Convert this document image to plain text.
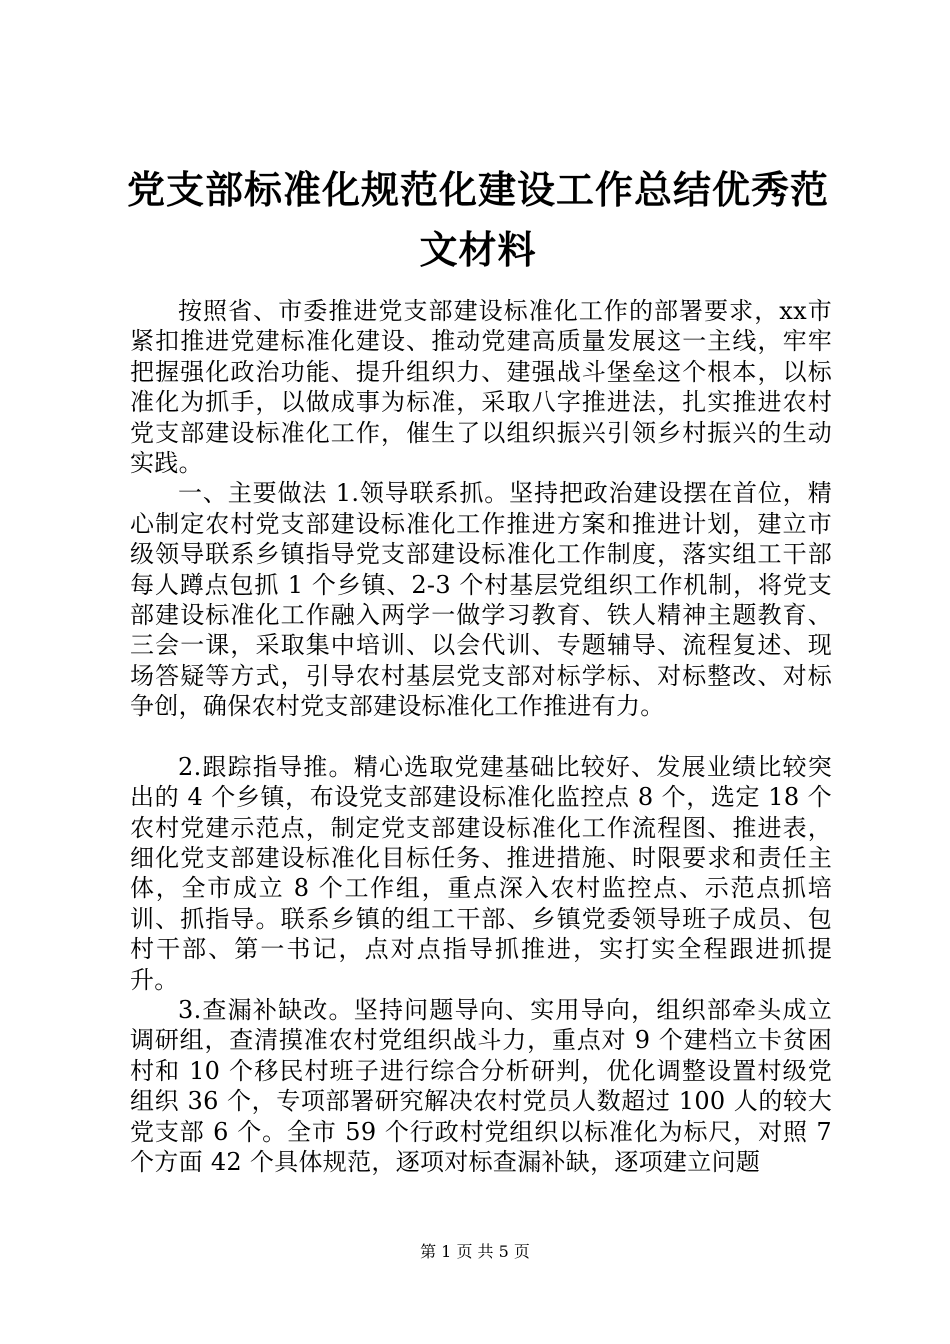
党支部标准化规范化建设工作总结优秀范文材料

按照省、市委推进党支部建设标准化工作的部署要求，xx市紧扣推进党建标准化建设、推动党建高质量发展这一主线，牢牢把握强化政治功能、提升组织力、建强战斗堡垒这个根本，以标准化为抓手，以做成事为标准，采取八字推进法，扎实推进农村党支部建设标准化工作，催生了以组织振兴引领乡村振兴的生动实践。

一、主要做法 1.领导联系抓。坚持把政治建设摆在首位，精心制定农村党支部建设标准化工作推进方案和推进计划，建立市级领导联系乡镇指导党支部建设标准化工作制度，落实组工干部每人蹲点包抓 1 个乡镇、2-3 个村基层党组织工作机制，将党支部建设标准化工作融入两学一做学习教育、铁人精神主题教育、三会一课，采取集中培训、以会代训、专题辅导、流程复述、现场答疑等方式，引导农村基层党支部对标学标、对标整改、对标争创，确保农村党支部建设标准化工作推进有力。

2.跟踪指导推。精心选取党建基础比较好、发展业绩比较突出的 4 个乡镇，布设党支部建设标准化监控点 8 个，选定 18 个农村党建示范点，制定党支部建设标准化工作流程图、推进表，细化党支部建设标准化目标任务、推进措施、时限要求和责任主体，全市成立 8 个工作组，重点深入农村监控点、示范点抓培训、抓指导。联系乡镇的组工干部、乡镇党委领导班子成员、包村干部、第一书记，点对点指导抓推进，实打实全程跟进抓提升。

3.查漏补缺改。坚持问题导向、实用导向，组织部牵头成立调研组，查清摸准农村党组织战斗力，重点对 9 个建档立卡贫困村和 10 个移民村班子进行综合分析研判，优化调整设置村级党组织 36 个，专项部署研究解决农村党员人数超过 100 人的较大党支部 6 个。全市 59 个行政村党组织以标准化为标尺，对照 7 个方面 42 个具体规范，逐项对标查漏补缺，逐项建立问题

第 1 页 共 5 页
